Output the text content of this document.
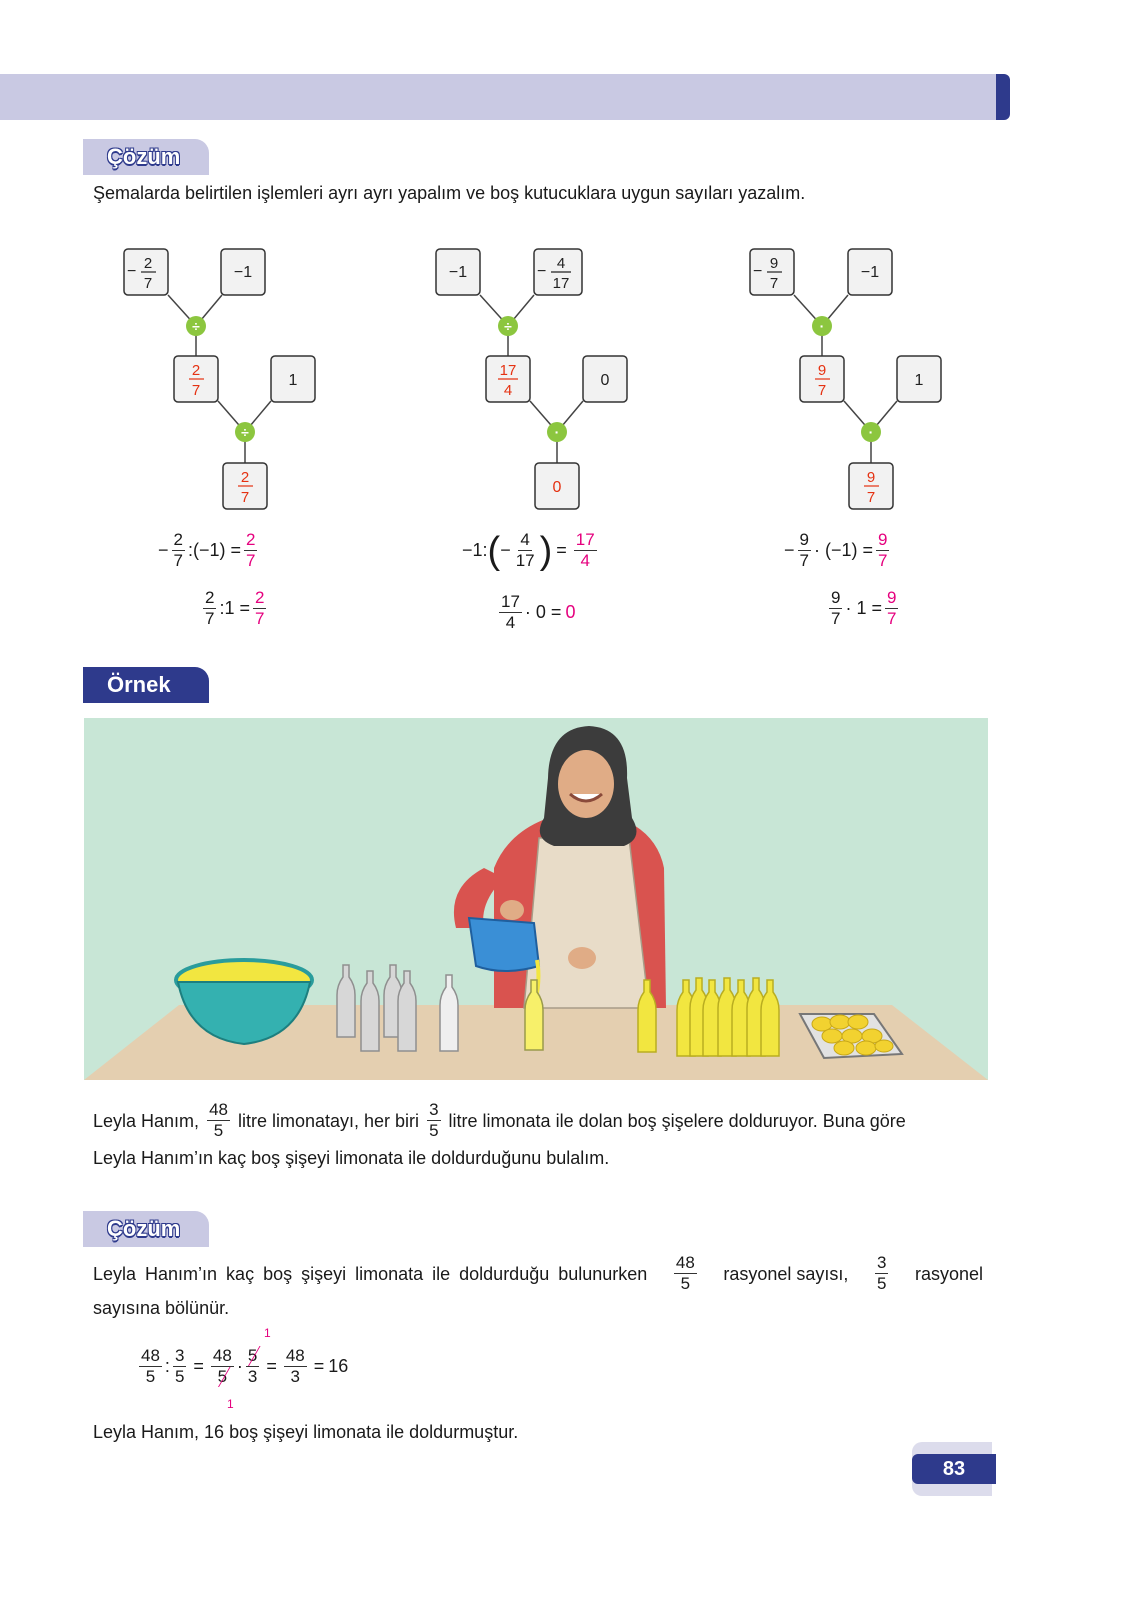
Çözüm
Şemalarda belirtilen işlemleri ayrı ayrı yapalım ve boş kutucuklara uygun sayıları yazalım.
− 2
7
−1
÷
2
7
1
÷
2
7
−1	− 4
17
÷
17
4
0
·
0
− 9
7
−1
·
9
7
1
·
9
7
− $\frac{2}{7}$ :(−1) = $\frac{2}{7}$
$\frac{2}{7}$ :1 = $\frac{2}{7}$
−1: ( − $\frac{4}{17}$ ) = $\frac{17}{4}$
$\frac{17}{4} \cdot 0 = 0$
− $\frac{9}{7} \cdot (-1) = \frac{9}{7}$
$\frac{9}{7} \cdot 1 = \frac{9}{7}$
Örnek
Leyla Hanım, $\frac{48}{5}$ litre limonatayı, her biri $\frac{3}{5}$ litre limonata ile dolan boş şişelere dolduruyor. Buna göre
Leyla Hanım’ın kaç boş şişeyi limonata ile doldurduğunu bulalım.
Çözüm
Leyla Hanım’ın kaç boş şişeyi limonata ile doldurduğu bulunurken $\frac{48}{5}$ rasyonel sayısı, $\frac{3}{5}$ rasyonel
sayısına bölünür.
$\frac{48}{5}$ : $\frac{3}{5} = \frac{48}{5} \cdot \frac{5}{3} = \frac{48}{3} = 16$
1
1
Leyla Hanım, 16 boş şişeyi limonata ile doldurmuştur.
83
